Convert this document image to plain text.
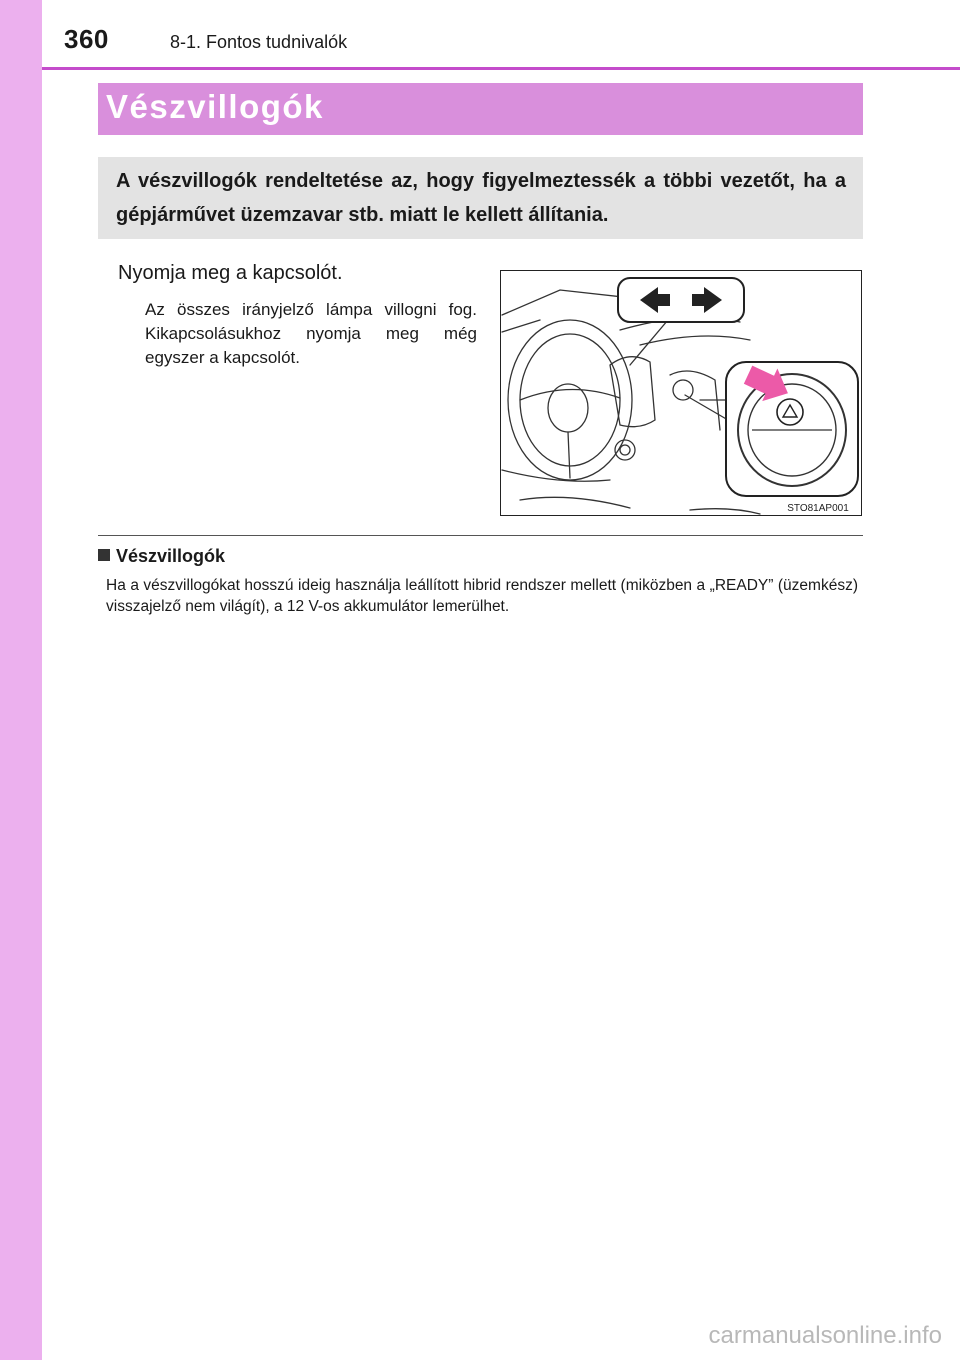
360	8-1. Fontos tudnivalók
Vészvillogók
A vészvillogók rendeltetése az, hogy figyelmeztessék a többi vezetőt, ha a gépjárművet üzemzavar stb. miatt le kellett állítania.
Nyomja meg a kapcsolót.
Az összes irányjelző lámpa villogni fog. Kikapcsolásukhoz nyomja meg még egyszer a kapcsolót.
STO81AP001
Vészvillogók
Ha a vészvillogókat hosszú ideig használja leállított hibrid rendszer mellett (miközben a „READY” (üzemkész) visszajelző nem világít), a 12 V-os akkumulátor lemerülhet.
carmanualsonline.info
